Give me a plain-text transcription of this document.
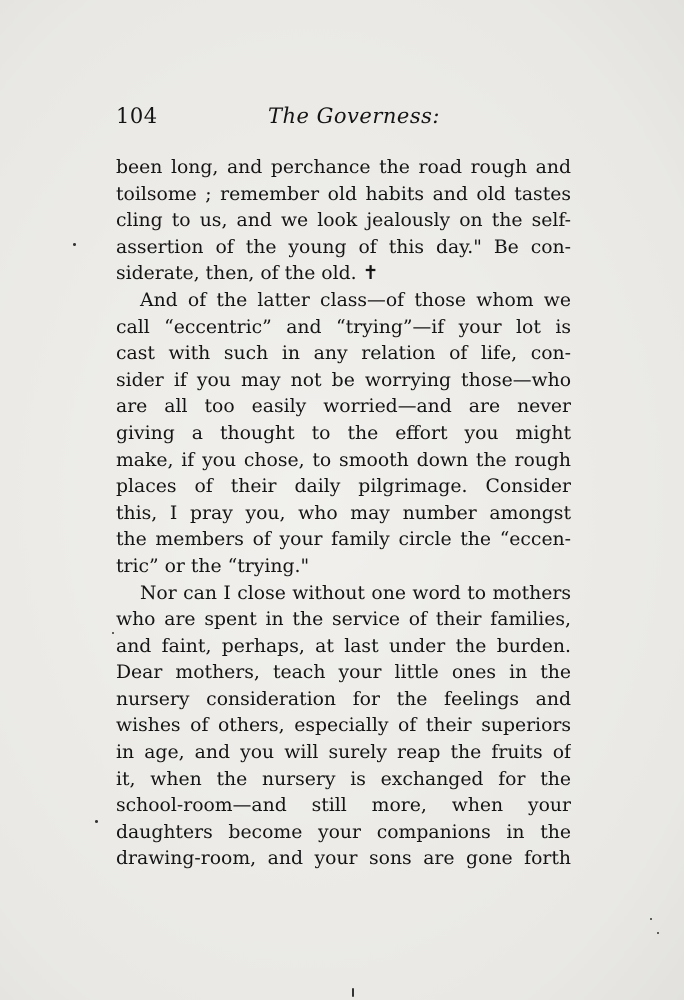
104	The Governess:
been long, and perchance the road rough and
toilsome ; remember old habits and old tastes
cling to us, and we look jealously on the self-
assertion of the young of this day." Be con-
siderate, then, of the old. ✝
And of the latter class—of those whom we
call “eccentric” and “trying”—if your lot is
cast with such in any relation of life, con-
sider if you may not be worrying those—who
are all too easily worried—and are never
giving a thought to the effort you might
make, if you chose, to smooth down the rough
places of their daily pilgrimage. Consider
this, I pray you, who may number amongst
the members of your family circle the “eccen-
tric” or the “trying."
Nor can I close without one word to mothers
who are spent in the service of their families,
and faint, perhaps, at last under the burden.
Dear mothers, teach your little ones in the
nursery consideration for the feelings and
wishes of others, especially of their superiors
in age, and you will surely reap the fruits of
it, when the nursery is exchanged for the
school-room—and still more, when your
daughters become your companions in the
drawing-room, and your sons are gone forth
